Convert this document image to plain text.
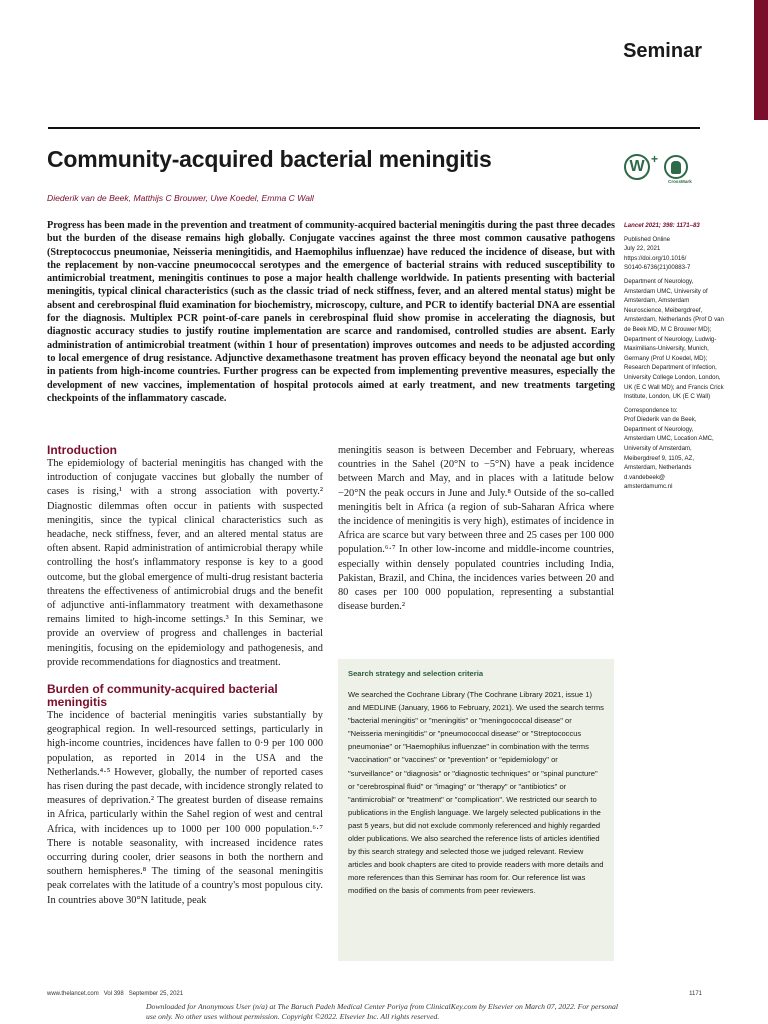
Seminar
Community-acquired bacterial meningitis
Diederik van de Beek, Matthijs C Brouwer, Uwe Koedel, Emma C Wall
W +
CrossMark

Progress has been made in the prevention and treatment of community-acquired bacterial meningitis during the past three decades but the burden of the disease remains high globally. Conjugate vaccines against the three most common causative pathogens (Streptococcus pneumoniae, Neisseria meningitidis, and Haemophilus influenzae) have reduced the incidence of disease, but with the replacement by non-vaccine pneumococcal serotypes and the emergence of bacterial strains with reduced susceptibility to antimicrobial treatment, meningitis continues to pose a major health challenge worldwide. In patients presenting with bacterial meningitis, typical clinical characteristics (such as the classic triad of neck stiffness, fever, and an altered mental status) might be absent and cerebrospinal fluid examination for biochemistry, microscopy, culture, and PCR to identify bacterial DNA are essential for the diagnosis. Multiplex PCR point-of-care panels in cerebrospinal fluid show promise in accelerating the diagnosis, but diagnostic accuracy studies to justify routine implementation are scarce and randomised, controlled studies are absent. Early administration of antimicrobial treatment (within 1 hour of presentation) improves outcomes and needs to be adjusted according to local emergence of drug resistance. Adjunctive dexamethasone treatment has proven efficacy beyond the neonatal age but only in patients from high-income countries. Further progress can be expected from implementing preventive measures, especially the development of new vaccines, implementation of hospital protocols aimed at early treatment, and new treatments targeting checkpoints of the inflammatory cascade.

Lancet 2021; 398: 1171–83
Published Online
July 22, 2021
https://doi.org/10.1016/
S0140-6736(21)00883-7
Department of Neurology, Amsterdam UMC, University of Amsterdam, Amsterdam Neuroscience, Meibergdreef, Amsterdam, Netherlands (Prof D van de Beek MD, M C Brouwer MD); Department of Neurology, Ludwig-Maximilians-University, Munich, Germany (Prof U Koedel, MD); Research Department of Infection, University College London, London, UK (E C Wall MD); and Francis Crick Institute, London, UK (E C Wall)
Correspondence to:
Prof Diederik van de Beek, Department of Neurology, Amsterdam UMC, Location AMC, University of Amsterdam, Meibergdreef 9, 1105, AZ, Amsterdam, Netherlands
d.vandebeek@
amsterdamumc.nl
Introduction

The epidemiology of bacterial meningitis has changed with the introduction of conjugate vaccines but globally the number of cases is rising,¹ with a strong association with poverty.² Diagnostic dilemmas often occur in patients with suspected meningitis, since the typical clinical characteristics such as headache, neck stiffness, fever, and an altered mental status are often absent. Rapid administration of antimicrobial therapy while controlling the host's inflammatory response is key to a good outcome, but the global emergence of multi-drug resistant bacteria threatens the effectiveness of antimicrobial drugs and the benefit of adjunctive anti-inflammatory treatment with dexamethasone remains limited to high-income settings.³ In this Seminar, we provide an overview of progress and challenges in bacterial meningitis, focusing on the epidemiology and pathogenesis, and provide recommendations for diagnostics and treatment.

Burden of community-acquired bacterial meningitis

The incidence of bacterial meningitis varies substantially by geographical region. In well-resourced settings, particularly in high-income countries, incidences have fallen to 0·9 per 100 000 population, as reported in 2014 in the USA and the Netherlands.⁴·⁵ However, globally, the number of reported cases has risen during the past decade, with incidence strongly related to measures of deprivation.² The greatest burden of disease remains in Africa, particularly within the Sahel region of west and central Africa, with incidences up to 1000 per 100 000 population.⁶·⁷ There is notable seasonality, with increased incidence rates occurring during cooler, drier seasons in both the northern and southern hemispheres.⁸ The timing of the seasonal meningitis peak correlates with the latitude of a country's most populous city. In countries above 30°N latitude, peak

meningitis season is between December and February, whereas countries in the Sahel (20°N to −5°N) have a peak incidence between March and May, and in places with a latitude below −20°N the peak occurs in June and July.⁸ Outside of the so-called meningitis belt in Africa (a region of sub-Saharan Africa where the incidence of meningitis is very high), estimates of incidence in Africa are scarce but vary between three and 25 cases per 100 000 population.⁶·⁷ In other low-income and middle-income countries, especially within densely populated countries including India, Pakistan, Brazil, and China, the incidences varies between 20 and 80 cases per 100 000 population, representing a substantial disease burden.²

Search strategy and selection criteria

We searched the Cochrane Library (The Cochrane Library 2021, issue 1) and MEDLINE (January, 1966 to February, 2021). We used the search terms "bacterial meningitis" or "meningitis" or "meningococcal disease" or "Neisseria meningitidis" or "pneumococcal disease" or "Streptococcus pneumoniae" or "Haemophilus influenzae" in combination with the terms "vaccination" or "vaccines" or "prevention" or "epidemiology" or "surveillance" or "diagnosis" or "diagnostic techniques" or "spinal puncture" or "cerebrospinal fluid" or "imaging" or "therapy" or "antibiotics" or "antimicrobial" or "treatment" or "complication". We restricted our search to publications in the English language. We largely selected publications in the past 5 years, but did not exclude commonly referenced and highly regarded older publications. We also searched the reference lists of articles identified by this search strategy and selected those we judged relevant. Review articles and book chapters are cited to provide readers with more details and more references than this Seminar has room for. Our reference list was modified on the basis of comments from peer reviewers.

www.thelancet.com   Vol 398   September 25, 2021	1171
Downloaded for Anonymous User (n/a) at The Baruch Padeh Medical Center Poriya from ClinicalKey.com by Elsevier on March 07, 2022. For personal use only. No other uses without permission. Copyright ©2022. Elsevier Inc. All rights reserved.
